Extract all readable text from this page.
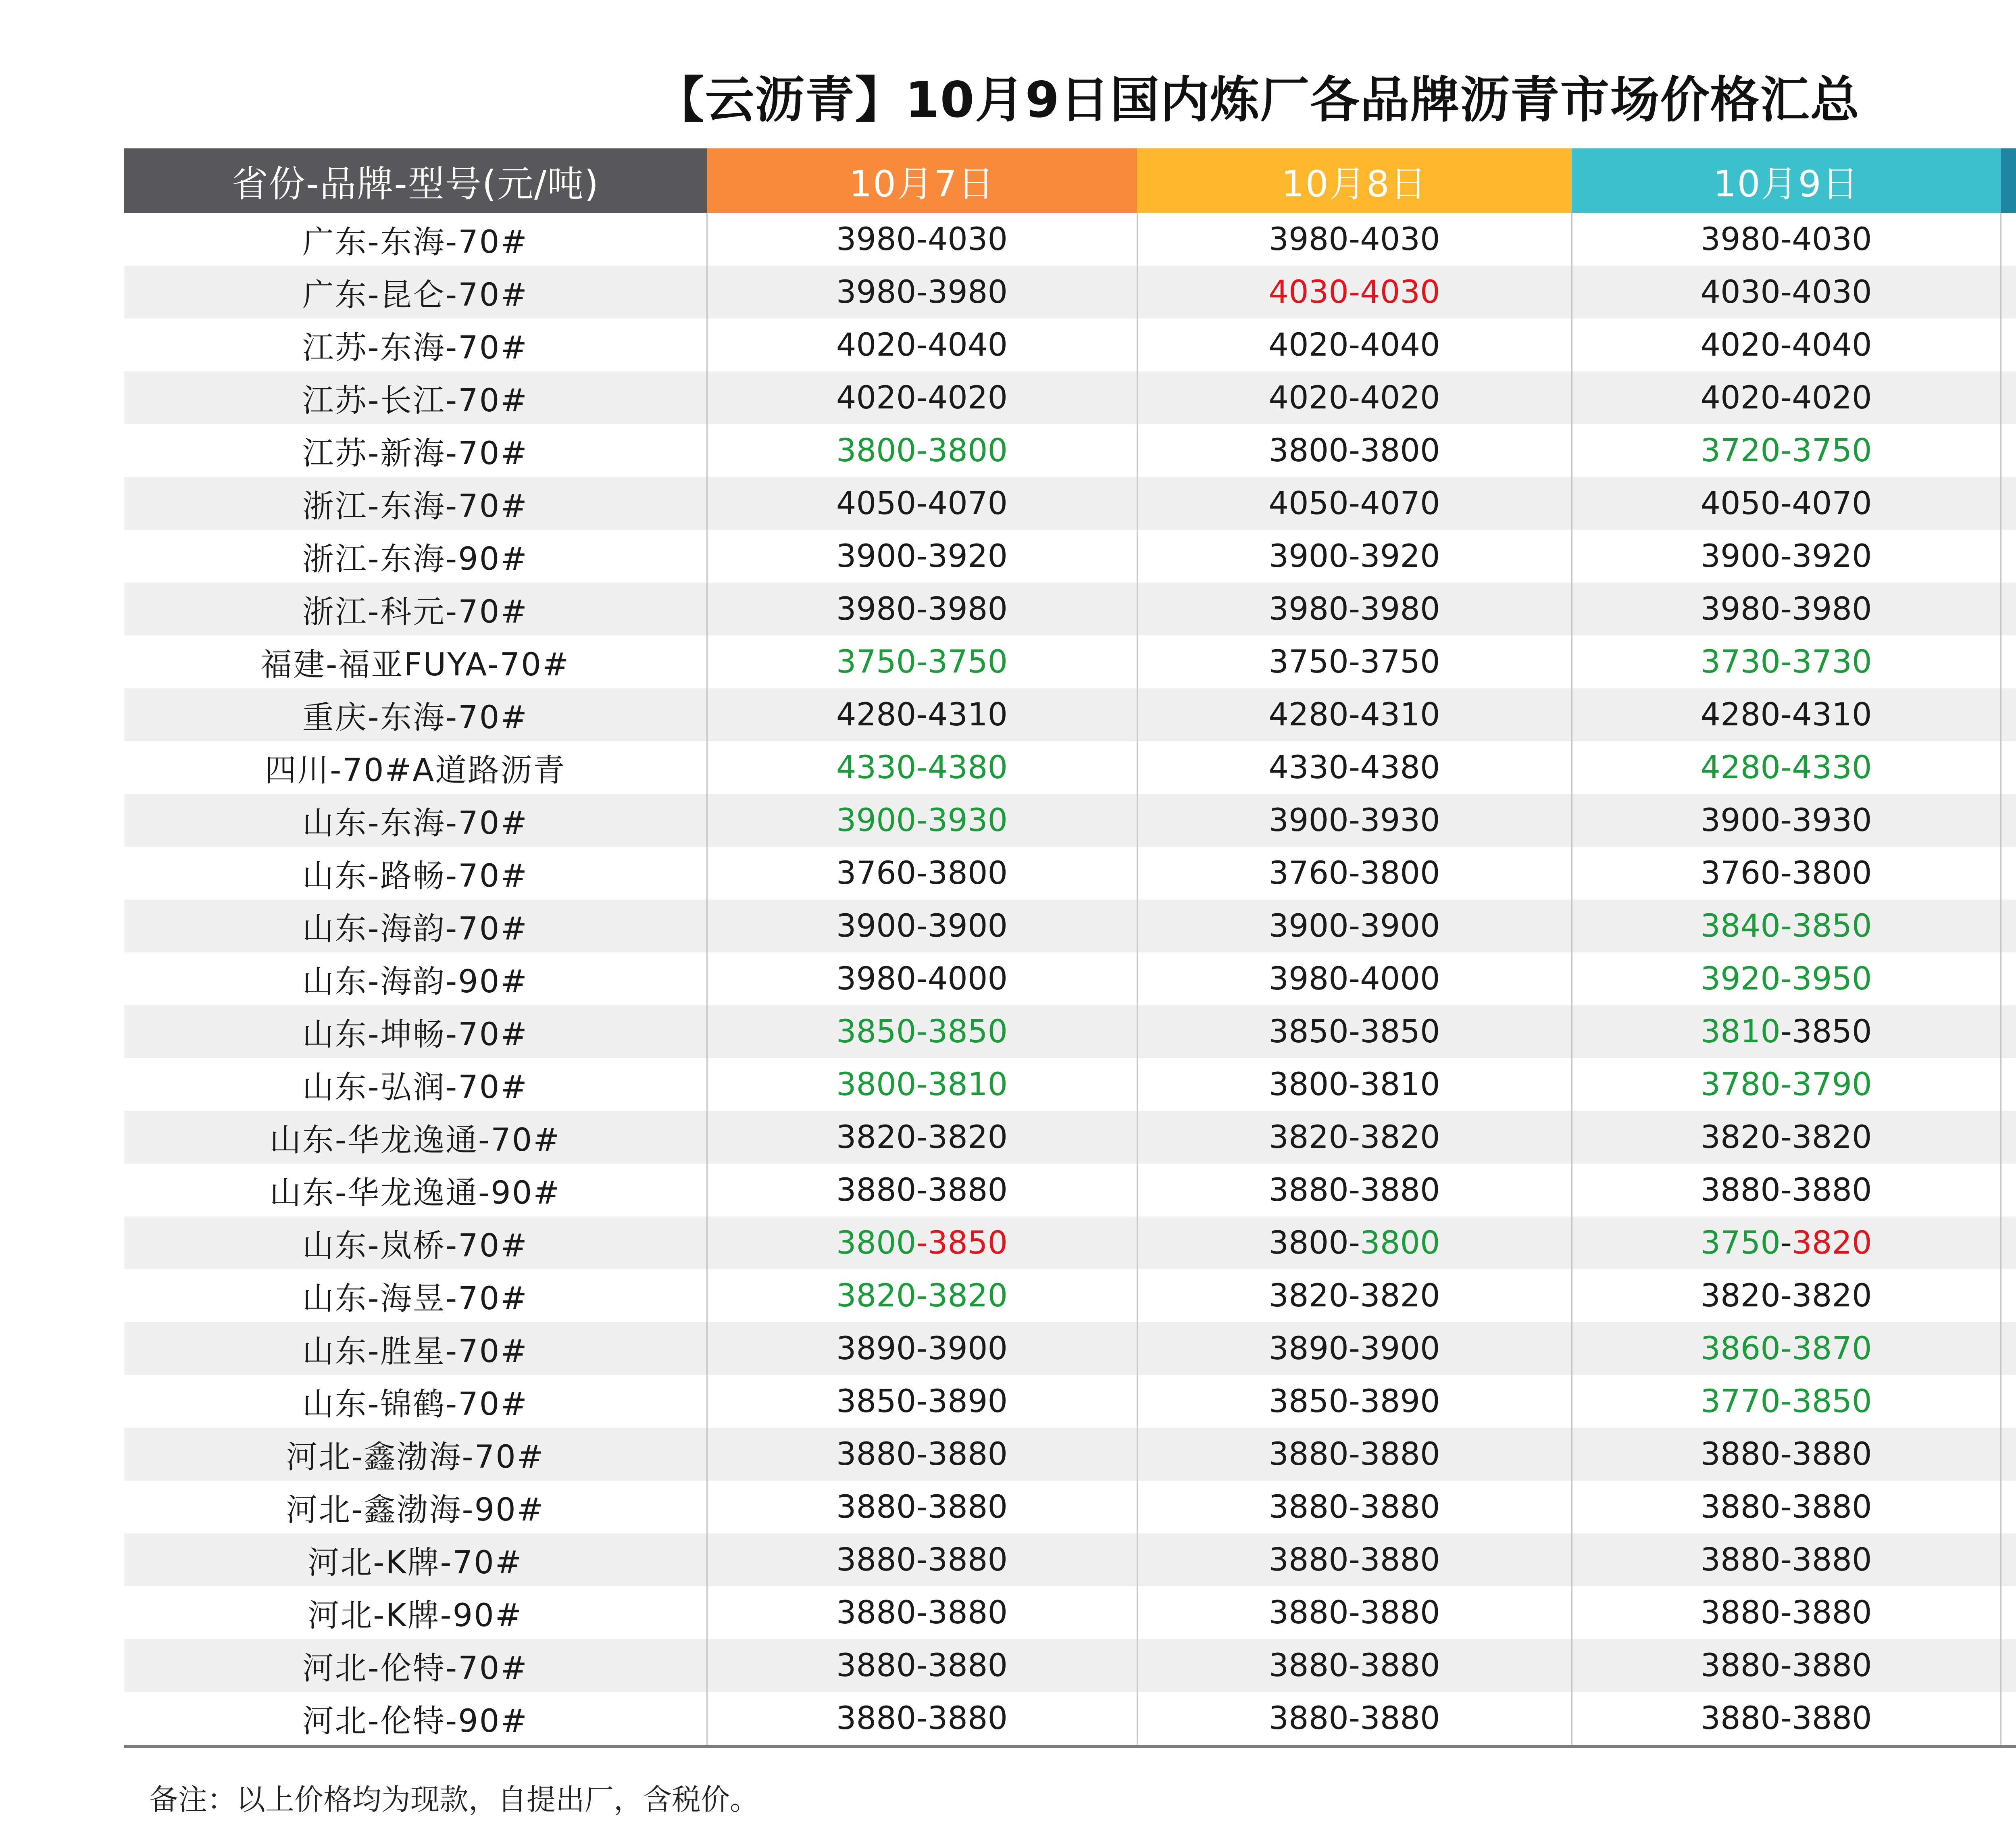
【云沥青】10月9日国内炼厂各品牌沥青市场价格汇总
省份-品牌-型号(元/吨)	10月7日	10月8日	10月9日	
广东-东海-70#	3980-4030	3980-4030	3980-4030	
广东-昆仑-70#	3980-3980	4030-4030	4030-4030	
江苏-东海-70#	4020-4040	4020-4040	4020-4040	
江苏-长江-70#	4020-4020	4020-4020	4020-4020	
江苏-新海-70#	3800-3800	3800-3800	3720-3750	
浙江-东海-70#	4050-4070	4050-4070	4050-4070	
浙江-东海-90#	3900-3920	3900-3920	3900-3920	
浙江-科元-70#	3980-3980	3980-3980	3980-3980	
福建-福亚FUYA-70#	3750-3750	3750-3750	3730-3730	
重庆-东海-70#	4280-4310	4280-4310	4280-4310	
四川-70#A道路沥青	4330-4380	4330-4380	4280-4330	
山东-东海-70#	3900-3930	3900-3930	3900-3930	
山东-路畅-70#	3760-3800	3760-3800	3760-3800	
山东-海韵-70#	3900-3900	3900-3900	3840-3850	
山东-海韵-90#	3980-4000	3980-4000	3920-3950	
山东-坤畅-70#	3850-3850	3850-3850	3810-3850	
山东-弘润-70#	3800-3810	3800-3810	3780-3790	
山东-华龙逸通-70#	3820-3820	3820-3820	3820-3820	
山东-华龙逸通-90#	3880-3880	3880-3880	3880-3880	
山东-岚桥-70#	3800-3850	3800-3800	3750-3820	
山东-海昱-70#	3820-3820	3820-3820	3820-3820	
山东-胜星-70#	3890-3900	3890-3900	3860-3870	
山东-锦鹤-70#	3850-3890	3850-3890	3770-3850	
河北-鑫渤海-70#	3880-3880	3880-3880	3880-3880	
河北-鑫渤海-90#	3880-3880	3880-3880	3880-3880	
河北-K牌-70#	3880-3880	3880-3880	3880-3880	
河北-K牌-90#	3880-3880	3880-3880	3880-3880	
河北-伦特-70#	3880-3880	3880-3880	3880-3880	
河北-伦特-90#	3880-3880	3880-3880	3880-3880	
备注：以上价格均为现款，自提出厂，含税价。
